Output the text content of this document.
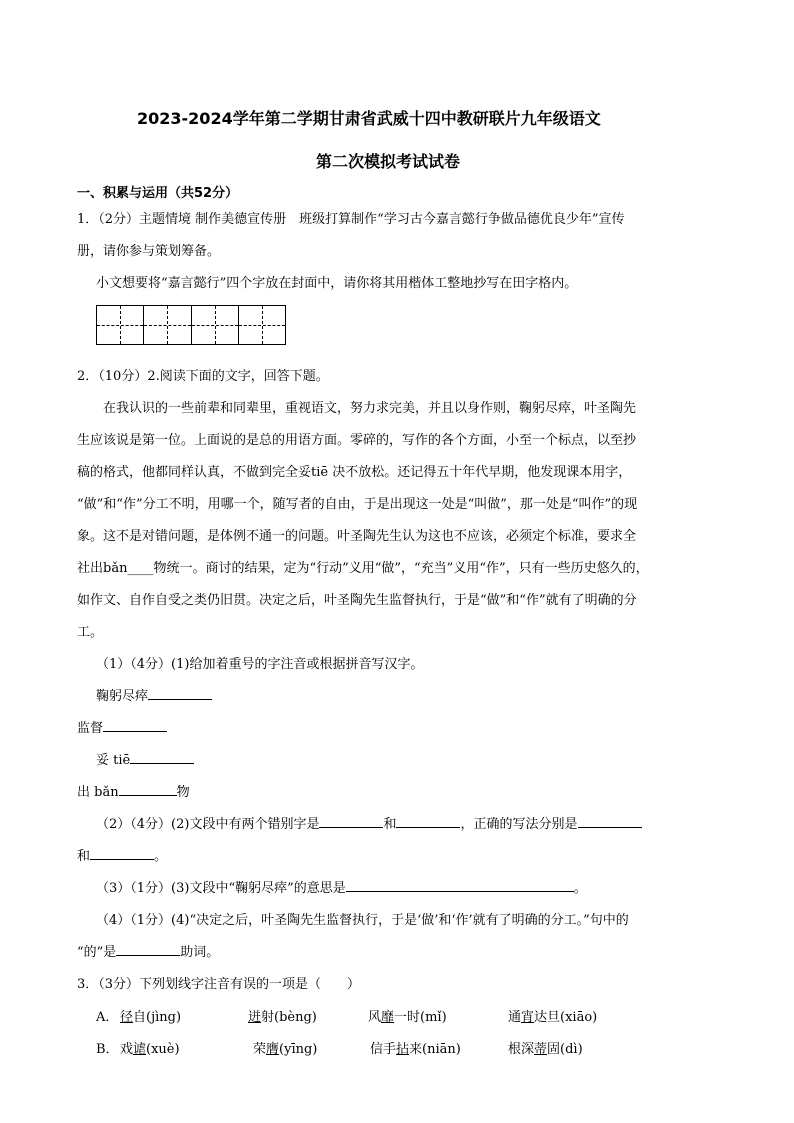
2023-2024学年第二学期甘肃省武威十四中教研联片九年级语文
第二次模拟考试试卷
一、积累与运用（共52分）
1．（2分）主题情境 制作美德宣传册　班级打算制作“学习古今嘉言懿行争做品德优良少年”宣传
册，请你参与策划筹备。
小文想要将“嘉言懿行”四个字放在封面中，请你将其用楷体工整地抄写在田字格内。
2．（10分）2.阅读下面的文字，回答下题。
在我认识的一些前辈和同辈里，重视语文，努力求完美，并且以身作则，鞠躬尽瘁，叶圣陶先
生应该说是第一位。上面说的是总的用语方面。零碎的，写作的各个方面，小至一个标点，以至抄
稿的格式，他都同样认真，不做到完全妥tiē 决不放松。还记得五十年代早期，他发现课本用字，
“做”和“作”分工不明，用哪一个，随写者的自由，于是出现这一处是“叫做”，那一处是“叫作”的现
象。这不是对错问题，是体例不通一的问题。叶圣陶先生认为这也不应该，必须定个标准，要求全
社出bǎn____物统一。商讨的结果，定为“行动”义用“做”，“充当”义用“作”，只有一些历史悠久的，
如作文、自作自受之类仍旧贯。决定之后，叶圣陶先生监督执行，于是“做”和“作”就有了明确的分
工。
（1）（4分）(1)给加着重号的字注音或根据拼音写汉字。
鞠躬尽瘁
监督
妥 tiē
出 bǎn	物
（2）（4分）(2)文段中有两个错别字是	和	，正确的写法分别是
和	。
（3）（1分）(3)文段中“鞠躬尽瘁”的意思是	。
（4）（1分）(4)“决定之后，叶圣陶先生监督执行，于是‘做’和‘作’就有了明确的分工。”句中的
“的”是	助词。
3．（3分）下列划线字注音有误的一项是（　　）
A． 径自(jìng)	迸射(bèng)	风靡一时(mǐ)	通宵达旦(xiāo)
B． 戏谑(xuè)	荣膺(yīng)	信手拈来(niān)	根深蒂固(dì)
